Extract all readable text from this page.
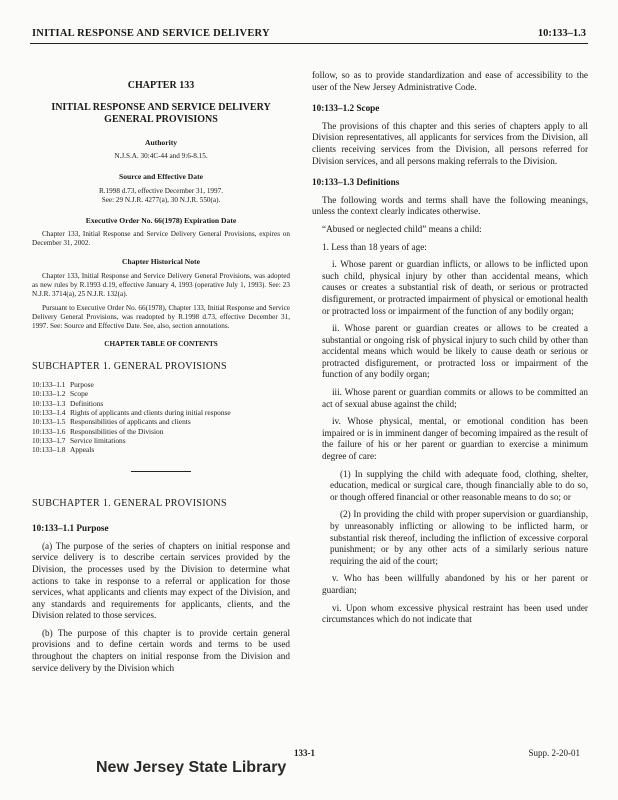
INITIAL RESPONSE AND SERVICE DELIVERY	10:133–1.3
CHAPTER 133
INITIAL RESPONSE AND SERVICE DELIVERY GENERAL PROVISIONS
Authority
N.J.S.A. 30:4C-44 and 9:6-8.15.
Source and Effective Date
R.1998 d.73, effective December 31, 1997.
See: 29 N.J.R. 4277(a), 30 N.J.R. 550(a).
Executive Order No. 66(1978) Expiration Date

Chapter 133, Initial Response and Service Delivery General Provisions, expires on December 31, 2002.

Chapter Historical Note

Chapter 133, Initial Response and Service Delivery General Provisions, was adopted as new rules by R.1993 d.19, effective January 4, 1993 (operative July 1, 1993). See: 23 N.J.R. 3714(a), 25 N.J.R. 132(a).

Pursuant to Executive Order No. 66(1978), Chapter 133, Initial Response and Service Delivery General Provisions, was readopted by R.1998 d.73, effective December 31, 1997. See: Source and Effective Date. See, also, section annotations.

CHAPTER TABLE OF CONTENTS
SUBCHAPTER 1. GENERAL PROVISIONS
10:133–1.1 Purpose
10:133–1.2 Scope
10:133–1.3 Definitions
10:133–1.4 Rights of applicants and clients during initial response
10:133–1.5 Responsibilities of applicants and clients
10:133–1.6 Responsibilities of the Division
10:133–1.7 Service limitations
10:133–1.8 Appeals
SUBCHAPTER 1. GENERAL PROVISIONS
10:133–1.1 Purpose

(a) The purpose of the series of chapters on initial response and service delivery is to describe certain services provided by the Division, the processes used by the Division to determine what actions to take in response to a referral or application for those services, what applicants and clients may expect of the Division, and any standards and requirements for applicants, clients, and the Division related to those services.

(b) The purpose of this chapter is to provide certain general provisions and to define certain words and terms to be used throughout the chapters on initial response from the Division and service delivery by the Division which

follow, so as to provide standardization and ease of accessibility to the user of the New Jersey Administrative Code.

10:133–1.2 Scope

The provisions of this chapter and this series of chapters apply to all Division representatives, all applicants for services from the Division, all clients receiving services from the Division, all persons referred for Division services, and all persons making referrals to the Division.

10:133–1.3 Definitions

The following words and terms shall have the following meanings, unless the context clearly indicates otherwise.

“Abused or neglected child” means a child:

1. Less than 18 years of age:

i. Whose parent or guardian inflicts, or allows to be inflicted upon such child, physical injury by other than accidental means, which causes or creates a substantial risk of death, or serious or protracted disfigurement, or protracted impairment of physical or emotional health or protracted loss or impairment of the function of any bodily organ;

ii. Whose parent or guardian creates or allows to be created a substantial or ongoing risk of physical injury to such child by other than accidental means which would be likely to cause death or serious or protracted disfigurement, or protracted loss or impairment of the function of any bodily organ;

iii. Whose parent or guardian commits or allows to be committed an act of sexual abuse against the child;

iv. Whose physical, mental, or emotional condition has been impaired or is in imminent danger of becoming impaired as the result of the failure of his or her parent or guardian to exercise a minimum degree of care:

(1) In supplying the child with adequate food, clothing, shelter, education, medical or surgical care, though financially able to do so, or though offered financial or other reasonable means to do so; or

(2) In providing the child with proper supervision or guardianship, by unreasonably inflicting or allowing to be inflicted harm, or substantial risk thereof, including the infliction of excessive corporal punishment; or by any other acts of a similarly serious nature requiring the aid of the court;

v. Who has been willfully abandoned by his or her parent or guardian;

vi. Upon whom excessive physical restraint has been used under circumstances which do not indicate that

133-1	Supp. 2-20-01
New Jersey State Library
